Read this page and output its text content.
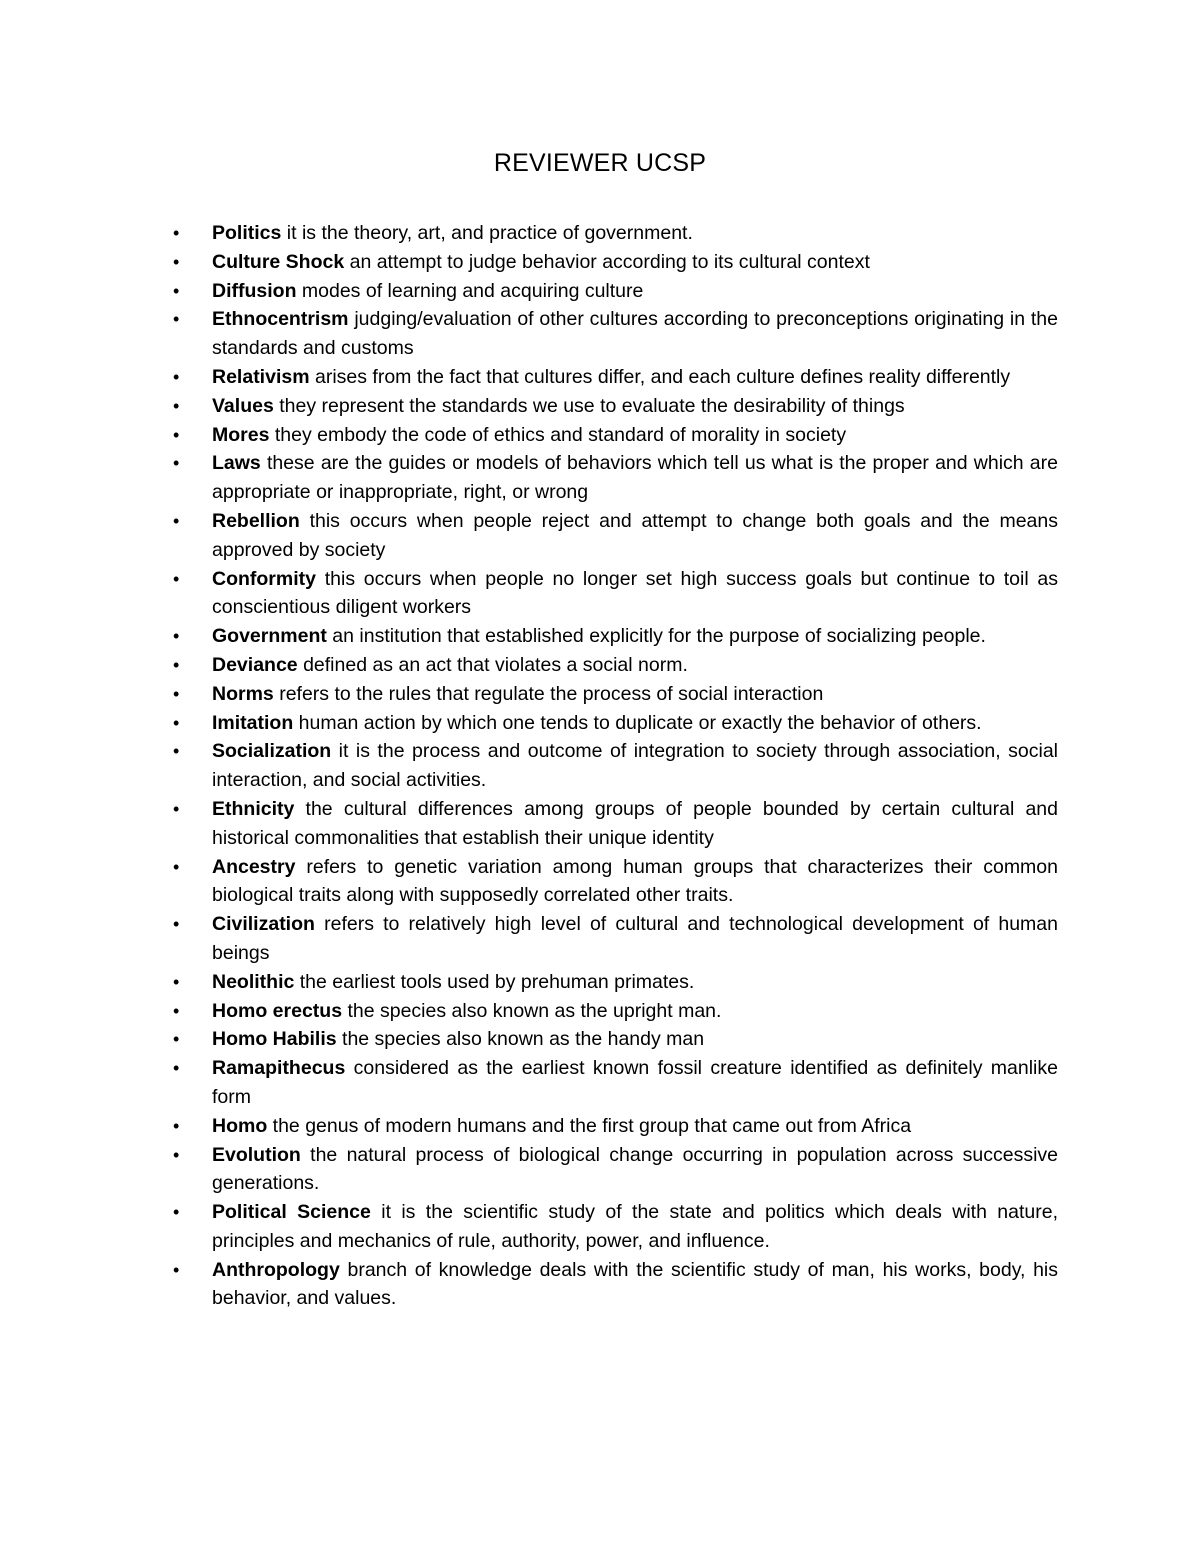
REVIEWER UCSP
• Politics it is the theory, art, and practice of government.
• Culture Shock an attempt to judge behavior according to its cultural context
• Diffusion modes of learning and acquiring culture
• Ethnocentrism judging/evaluation of other cultures according to preconceptions originating in the standards and customs
• Relativism arises from the fact that cultures differ, and each culture defines reality differently
• Values they represent the standards we use to evaluate the desirability of things
• Mores they embody the code of ethics and standard of morality in society
• Laws these are the guides or models of behaviors which tell us what is the proper and which are appropriate or inappropriate, right, or wrong
• Rebellion this occurs when people reject and attempt to change both goals and the means approved by society
• Conformity this occurs when people no longer set high success goals but continue to toil as conscientious diligent workers
• Government an institution that established explicitly for the purpose of socializing people.
• Deviance defined as an act that violates a social norm.
• Norms refers to the rules that regulate the process of social interaction
• Imitation human action by which one tends to duplicate or exactly the behavior of others.
• Socialization it is the process and outcome of integration to society through association, social interaction, and social activities.
• Ethnicity the cultural differences among groups of people bounded by certain cultural and historical commonalities that establish their unique identity
• Ancestry refers to genetic variation among human groups that characterizes their common biological traits along with supposedly correlated other traits.
• Civilization refers to relatively high level of cultural and technological development of human beings
• Neolithic the earliest tools used by prehuman primates.
• Homo erectus the species also known as the upright man.
• Homo Habilis the species also known as the handy man
• Ramapithecus considered as the earliest known fossil creature identified as definitely manlike form
• Homo the genus of modern humans and the first group that came out from Africa
• Evolution the natural process of biological change occurring in population across successive generations.
• Political Science it is the scientific study of the state and politics which deals with nature, principles and mechanics of rule, authority, power, and influence.
• Anthropology branch of knowledge deals with the scientific study of man, his works, body, his behavior, and values.
